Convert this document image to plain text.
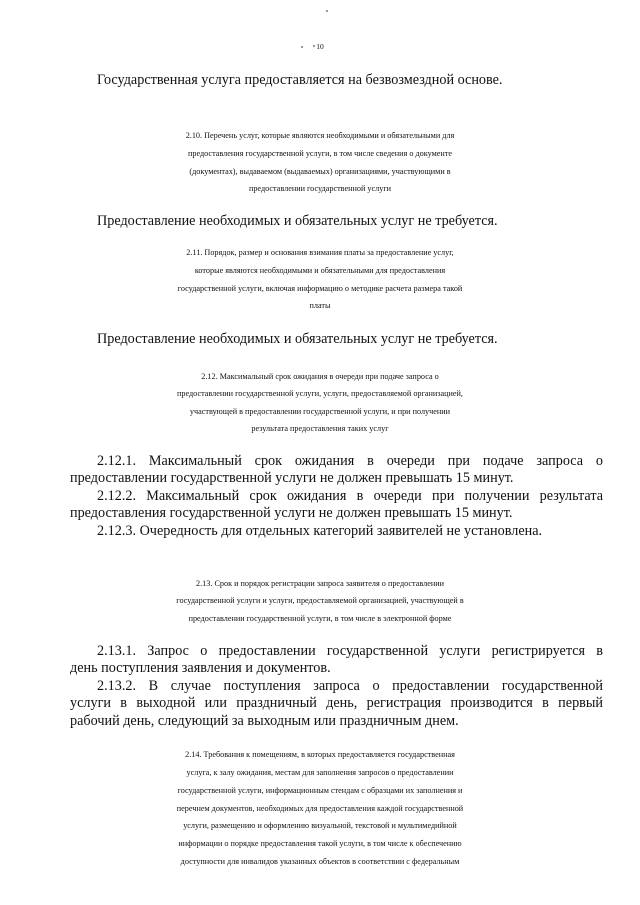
10
Государственная услуга предоставляется на безвозмездной основе.
2.10. Перечень услуг, которые являются необходимыми и обязательными для
предоставления государственной услуги, в том числе сведения о документе
(документах), выдаваемом (выдаваемых) организациями, участвующими в
предоставлении государственной услуги
Предоставление необходимых и обязательных услуг не требуется.
2.11. Порядок, размер и основания взимания платы за предоставление услуг,
которые являются необходимыми и обязательными для предоставления
государственной услуги, включая информацию о методике расчета размера такой
платы
Предоставление необходимых и обязательных услуг не требуется.
2.12. Максимальный срок ожидания в очереди при подаче запроса о
предоставлении государственной услуги, услуги, предоставляемой организацией,
участвующей в предоставлении государственной услуги, и при получении
результата предоставления таких услуг
2.12.1. Максимальный срок ожидания в очереди при подаче запроса о
предоставлении государственной услуги не должен превышать 15 минут.
2.12.2. Максимальный срок ожидания в очереди при получении результата
предоставления государственной услуги не должен превышать 15 минут.
2.12.3. Очередность для отдельных категорий заявителей не установлена.
2.13. Срок и порядок регистрации запроса заявителя о предоставлении
государственной услуги и услуги, предоставляемой организацией, участвующей в
предоставлении государственной услуги, в том числе в электронной форме
2.13.1. Запрос о предоставлении государственной услуги регистрируется в
день поступления заявления и документов.
2.13.2. В случае поступления запроса о предоставлении государственной
услуги в выходной или праздничный день, регистрация производится в первый
рабочий день, следующий за выходным или праздничным днем.
2.14. Требования к помещениям, в которых предоставляется государственная
услуга, к залу ожидания, местам для заполнения запросов о предоставлении
государственной услуги, информационным стендам с образцами их заполнения и
перечнем документов, необходимых для предоставления каждой государственной
услуги, размещению и оформлению визуальной, текстовой и мультимедийной
информации о порядке предоставления такой услуги, в том числе к обеспечению
доступности для инвалидов указанных объектов в соответствии с федеральным
